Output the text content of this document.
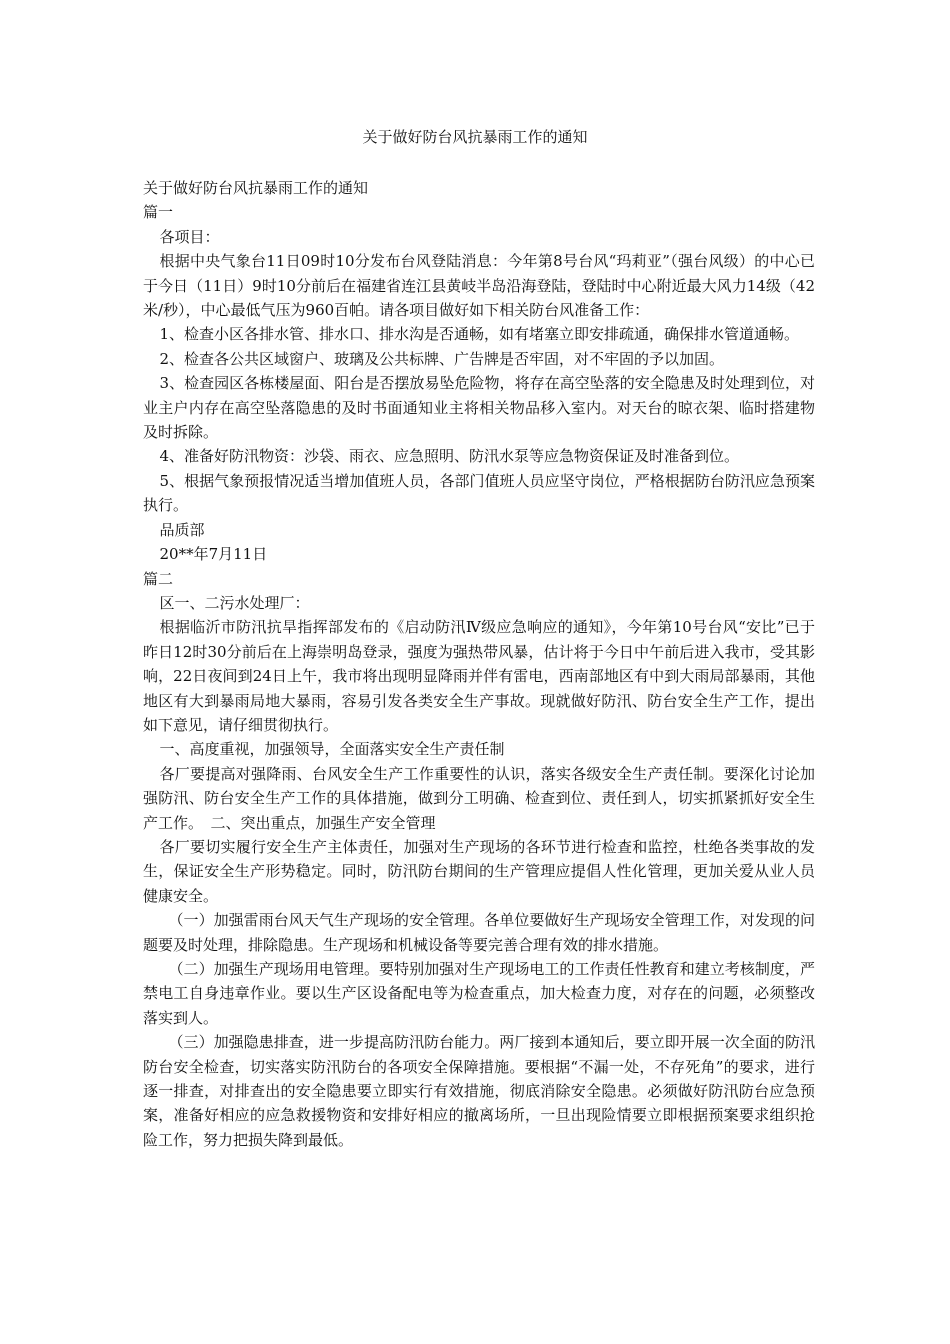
关于做好防台风抗暴雨工作的通知

关于做好防台风抗暴雨工作的通知

篇一

各项目：

根据中央气象台11日09时10分发布台风登陆消息：今年第8号台风“玛莉亚”（强台风级）的中心已于今日（11日）9时10分前后在福建省连江县黄岐半岛沿海登陆，登陆时中心附近最大风力14级（42米/秒），中心最低气压为960百帕。请各项目做好如下相关防台风准备工作：

1、检查小区各排水管、排水口、排水沟是否通畅，如有堵塞立即安排疏通，确保排水管道通畅。

2、检查各公共区域窗户、玻璃及公共标牌、广告牌是否牢固，对不牢固的予以加固。

3、检查园区各栋楼屋面、阳台是否摆放易坠危险物，将存在高空坠落的安全隐患及时处理到位，对业主户内存在高空坠落隐患的及时书面通知业主将相关物品移入室内。对天台的晾衣架、临时搭建物及时拆除。

4、准备好防汛物资：沙袋、雨衣、应急照明、防汛水泵等应急物资保证及时准备到位。

5、根据气象预报情况适当增加值班人员，各部门值班人员应坚守岗位，严格根据防台防汛应急预案执行。

品质部

20**年7月11日

篇二

区一、二污水处理厂：

根据临沂市防汛抗旱指挥部发布的《启动防汛Ⅳ级应急响应的通知》，今年第10号台风“安比”已于昨日12时30分前后在上海崇明岛登录，强度为强热带风暴，估计将于今日中午前后进入我市，受其影响，22日夜间到24日上午，我市将出现明显降雨并伴有雷电，西南部地区有中到大雨局部暴雨，其他地区有大到暴雨局地大暴雨，容易引发各类安全生产事故。现就做好防汛、防台安全生产工作，提出如下意见，请仔细贯彻执行。

一、高度重视，加强领导，全面落实安全生产责任制

各厂要提高对强降雨、台风安全生产工作重要性的认识，落实各级安全生产责任制。要深化讨论加强防汛、防台安全生产工作的具体措施，做到分工明确、检查到位、责任到人，切实抓紧抓好安全生产工作。　二、突出重点，加强生产安全管理

各厂要切实履行安全生产主体责任，加强对生产现场的各环节进行检查和监控，杜绝各类事故的发生，保证安全生产形势稳定。同时，防汛防台期间的生产管理应提倡人性化管理，更加关爱从业人员健康安全。

（一）加强雷雨台风天气生产现场的安全管理。各单位要做好生产现场安全管理工作，对发现的问题要及时处理，排除隐患。生产现场和机械设备等要完善合理有效的排水措施。

（二）加强生产现场用电管理。要特别加强对生产现场电工的工作责任性教育和建立考核制度，严禁电工自身违章作业。要以生产区设备配电等为检查重点，加大检查力度，对存在的问题，必须整改落实到人。

（三）加强隐患排查，进一步提高防汛防台能力。两厂接到本通知后，要立即开展一次全面的防汛防台安全检查，切实落实防汛防台的各项安全保障措施。要根据“不漏一处，不存死角”的要求，进行逐一排查，对排查出的安全隐患要立即实行有效措施，彻底消除安全隐患。必须做好防汛防台应急预案，准备好相应的应急救援物资和安排好相应的撤离场所，一旦出现险情要立即根据预案要求组织抢险工作，努力把损失降到最低。
